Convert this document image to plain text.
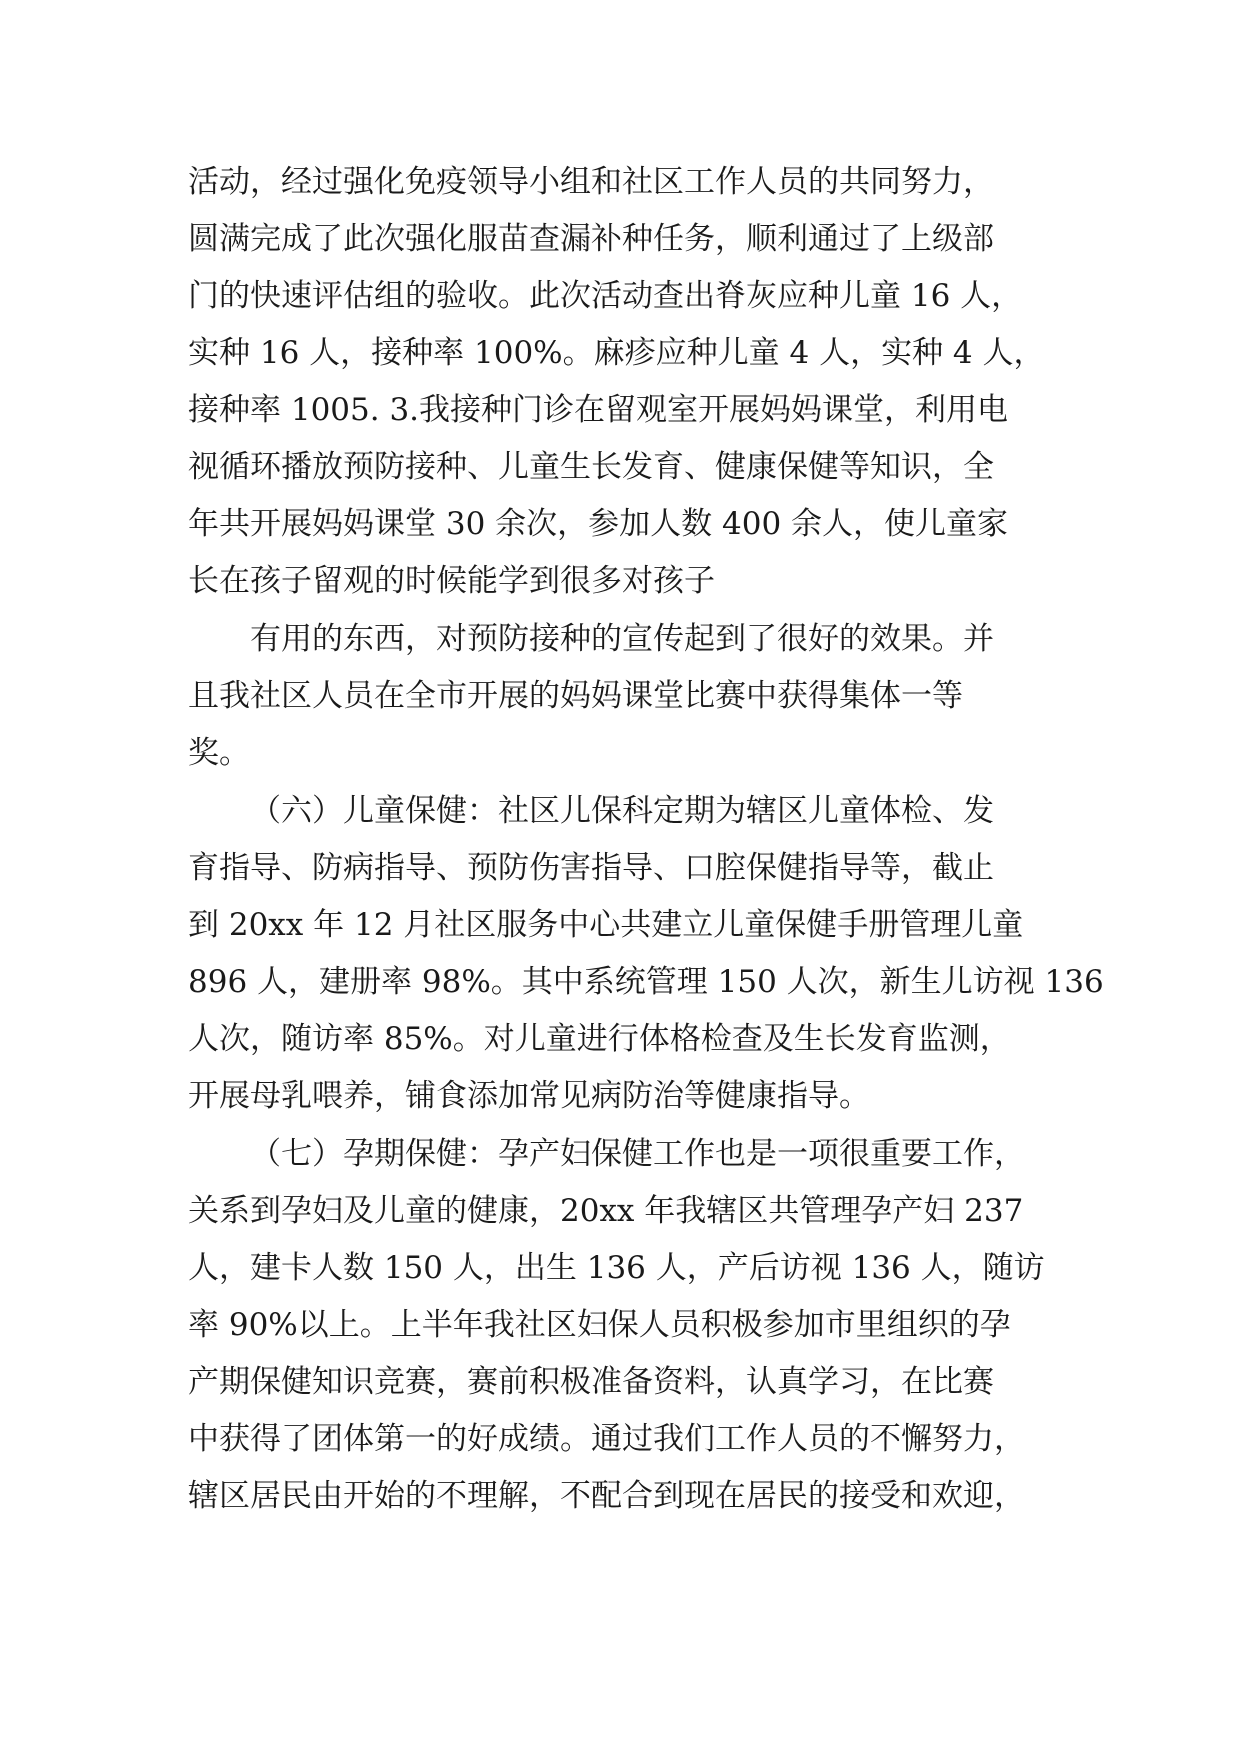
活动，经过强化免疫领导小组和社区工作人员的共同努力，
圆满完成了此次强化服苗查漏补种任务，顺利通过了上级部
门的快速评估组的验收。此次活动查出脊灰应种儿童 16 人，
实种 16 人，接种率 100%。麻疹应种儿童 4 人，实种 4 人，
接种率 1005. 3.我接种门诊在留观室开展妈妈课堂，利用电
视循环播放预防接种、儿童生长发育、健康保健等知识，全
年共开展妈妈课堂 30 余次，参加人数 400 余人，使儿童家
长在孩子留观的时候能学到很多对孩子
有用的东西，对预防接种的宣传起到了很好的效果。并
且我社区人员在全市开展的妈妈课堂比赛中获得集体一等
奖。
（六）儿童保健：社区儿保科定期为辖区儿童体检、发
育指导、防病指导、预防伤害指导、口腔保健指导等，截止
到 20xx 年 12 月社区服务中心共建立儿童保健手册管理儿童
896 人，建册率 98%。其中系统管理 150 人次，新生儿访视 136
人次，随访率 85%。对儿童进行体格检查及生长发育监测，
开展母乳喂养，铺食添加常见病防治等健康指导。
（七）孕期保健：孕产妇保健工作也是一项很重要工作，
关系到孕妇及儿童的健康，20xx 年我辖区共管理孕产妇 237
人，建卡人数 150 人，出生 136 人，产后访视 136 人，随访
率 90%以上。上半年我社区妇保人员积极参加市里组织的孕
产期保健知识竞赛，赛前积极准备资料，认真学习，在比赛
中获得了团体第一的好成绩。通过我们工作人员的不懈努力，
辖区居民由开始的不理解，不配合到现在居民的接受和欢迎，
